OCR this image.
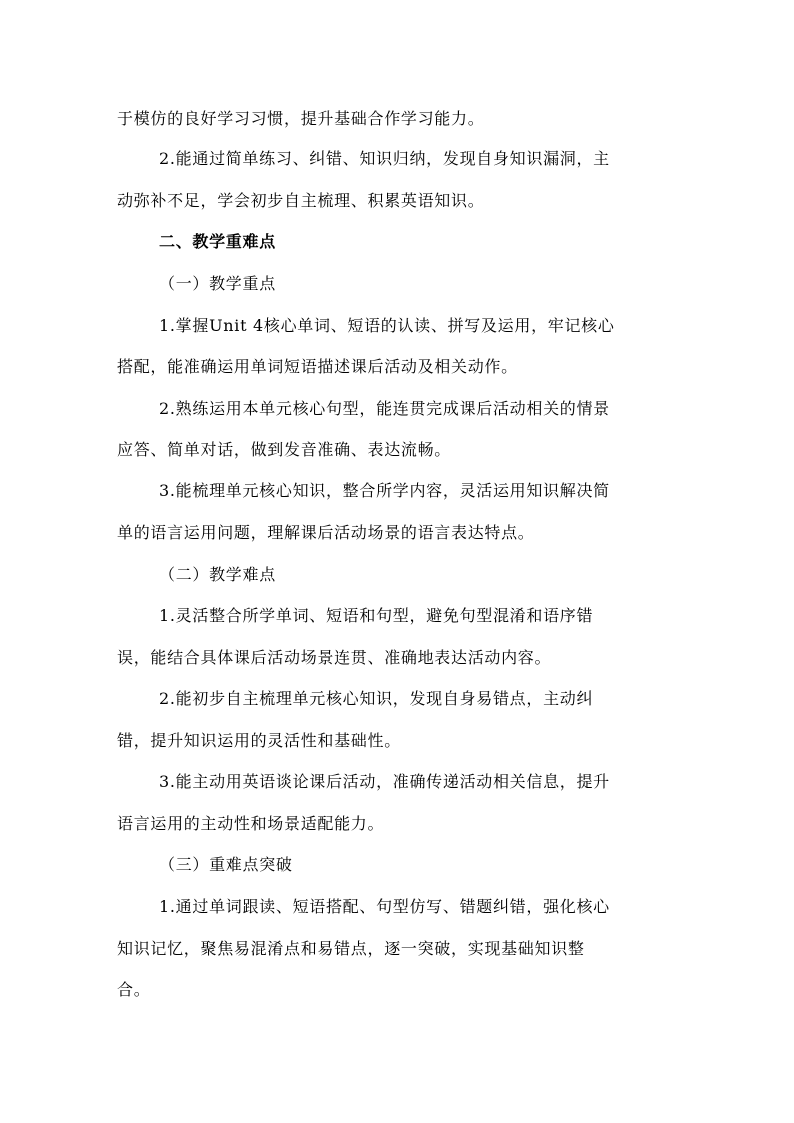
于模仿的良好学习习惯，提升基础合作学习能力。
2.能通过简单练习、纠错、知识归纳，发现自身知识漏洞，主
动弥补不足，学会初步自主梳理、积累英语知识。
二、教学重难点
（一）教学重点
1.掌握Unit 4核心单词、短语的认读、拼写及运用，牢记核心
搭配，能准确运用单词短语描述课后活动及相关动作。
2.熟练运用本单元核心句型，能连贯完成课后活动相关的情景
应答、简单对话，做到发音准确、表达流畅。
3.能梳理单元核心知识，整合所学内容，灵活运用知识解决简
单的语言运用问题，理解课后活动场景的语言表达特点。
（二）教学难点
1.灵活整合所学单词、短语和句型，避免句型混淆和语序错
误，能结合具体课后活动场景连贯、准确地表达活动内容。
2.能初步自主梳理单元核心知识，发现自身易错点，主动纠
错，提升知识运用的灵活性和基础性。
3.能主动用英语谈论课后活动，准确传递活动相关信息，提升
语言运用的主动性和场景适配能力。
（三）重难点突破
1.通过单词跟读、短语搭配、句型仿写、错题纠错，强化核心
知识记忆，聚焦易混淆点和易错点，逐一突破，实现基础知识整
合。
